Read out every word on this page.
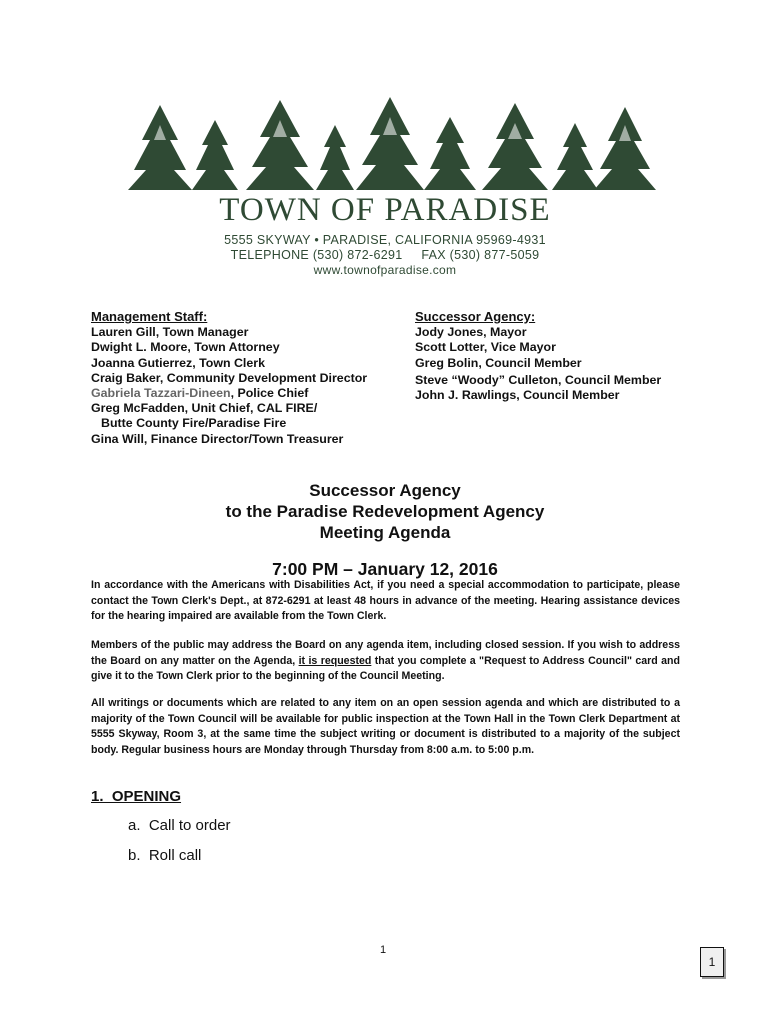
TOWN OF PARADISE
5555 SKYWAY • PARADISE, CALIFORNIA 95969-4931
TELEPHONE (530) 872-6291     FAX (530) 877-5059
www.townofparadise.com
Management Staff:
Lauren Gill, Town Manager
Dwight L. Moore, Town Attorney
Joanna Gutierrez, Town Clerk
Craig Baker, Community Development Director
Gabriela Tazzari-Dineen, Police Chief
Greg McFadden, Unit Chief, CAL FIRE/
Butte County Fire/Paradise Fire
Gina Will, Finance Director/Town Treasurer
Successor Agency:
Jody Jones, Mayor
Scott Lotter, Vice Mayor
Greg Bolin, Council Member
Steve “Woody” Culleton, Council Member
John J. Rawlings, Council Member
Successor Agency
to the Paradise Redevelopment Agency
Meeting Agenda
7:00 PM – January 12, 2016
In accordance with the Americans with Disabilities Act, if you need a special accommodation to participate, please contact the Town Clerk's Dept., at 872-6291 at least 48 hours in advance of the meeting. Hearing assistance devices for the hearing impaired are available from the Town Clerk.
Members of the public may address the Board on any agenda item, including closed session. If you wish to address the Board on any matter on the Agenda, it is requested that you complete a "Request to Address Council" card and give it to the Town Clerk prior to the beginning of the Council Meeting.
All writings or documents which are related to any item on an open session agenda and which are distributed to a majority of the Town Council will be available for public inspection at the Town Hall in the Town Clerk Department at 5555 Skyway, Room 3, at the same time the subject writing or document is distributed to a majority of the subject body. Regular business hours are Monday through Thursday from 8:00 a.m. to 5:00 p.m.
1.  OPENING
a.  Call to order
b.  Roll call
1
1
